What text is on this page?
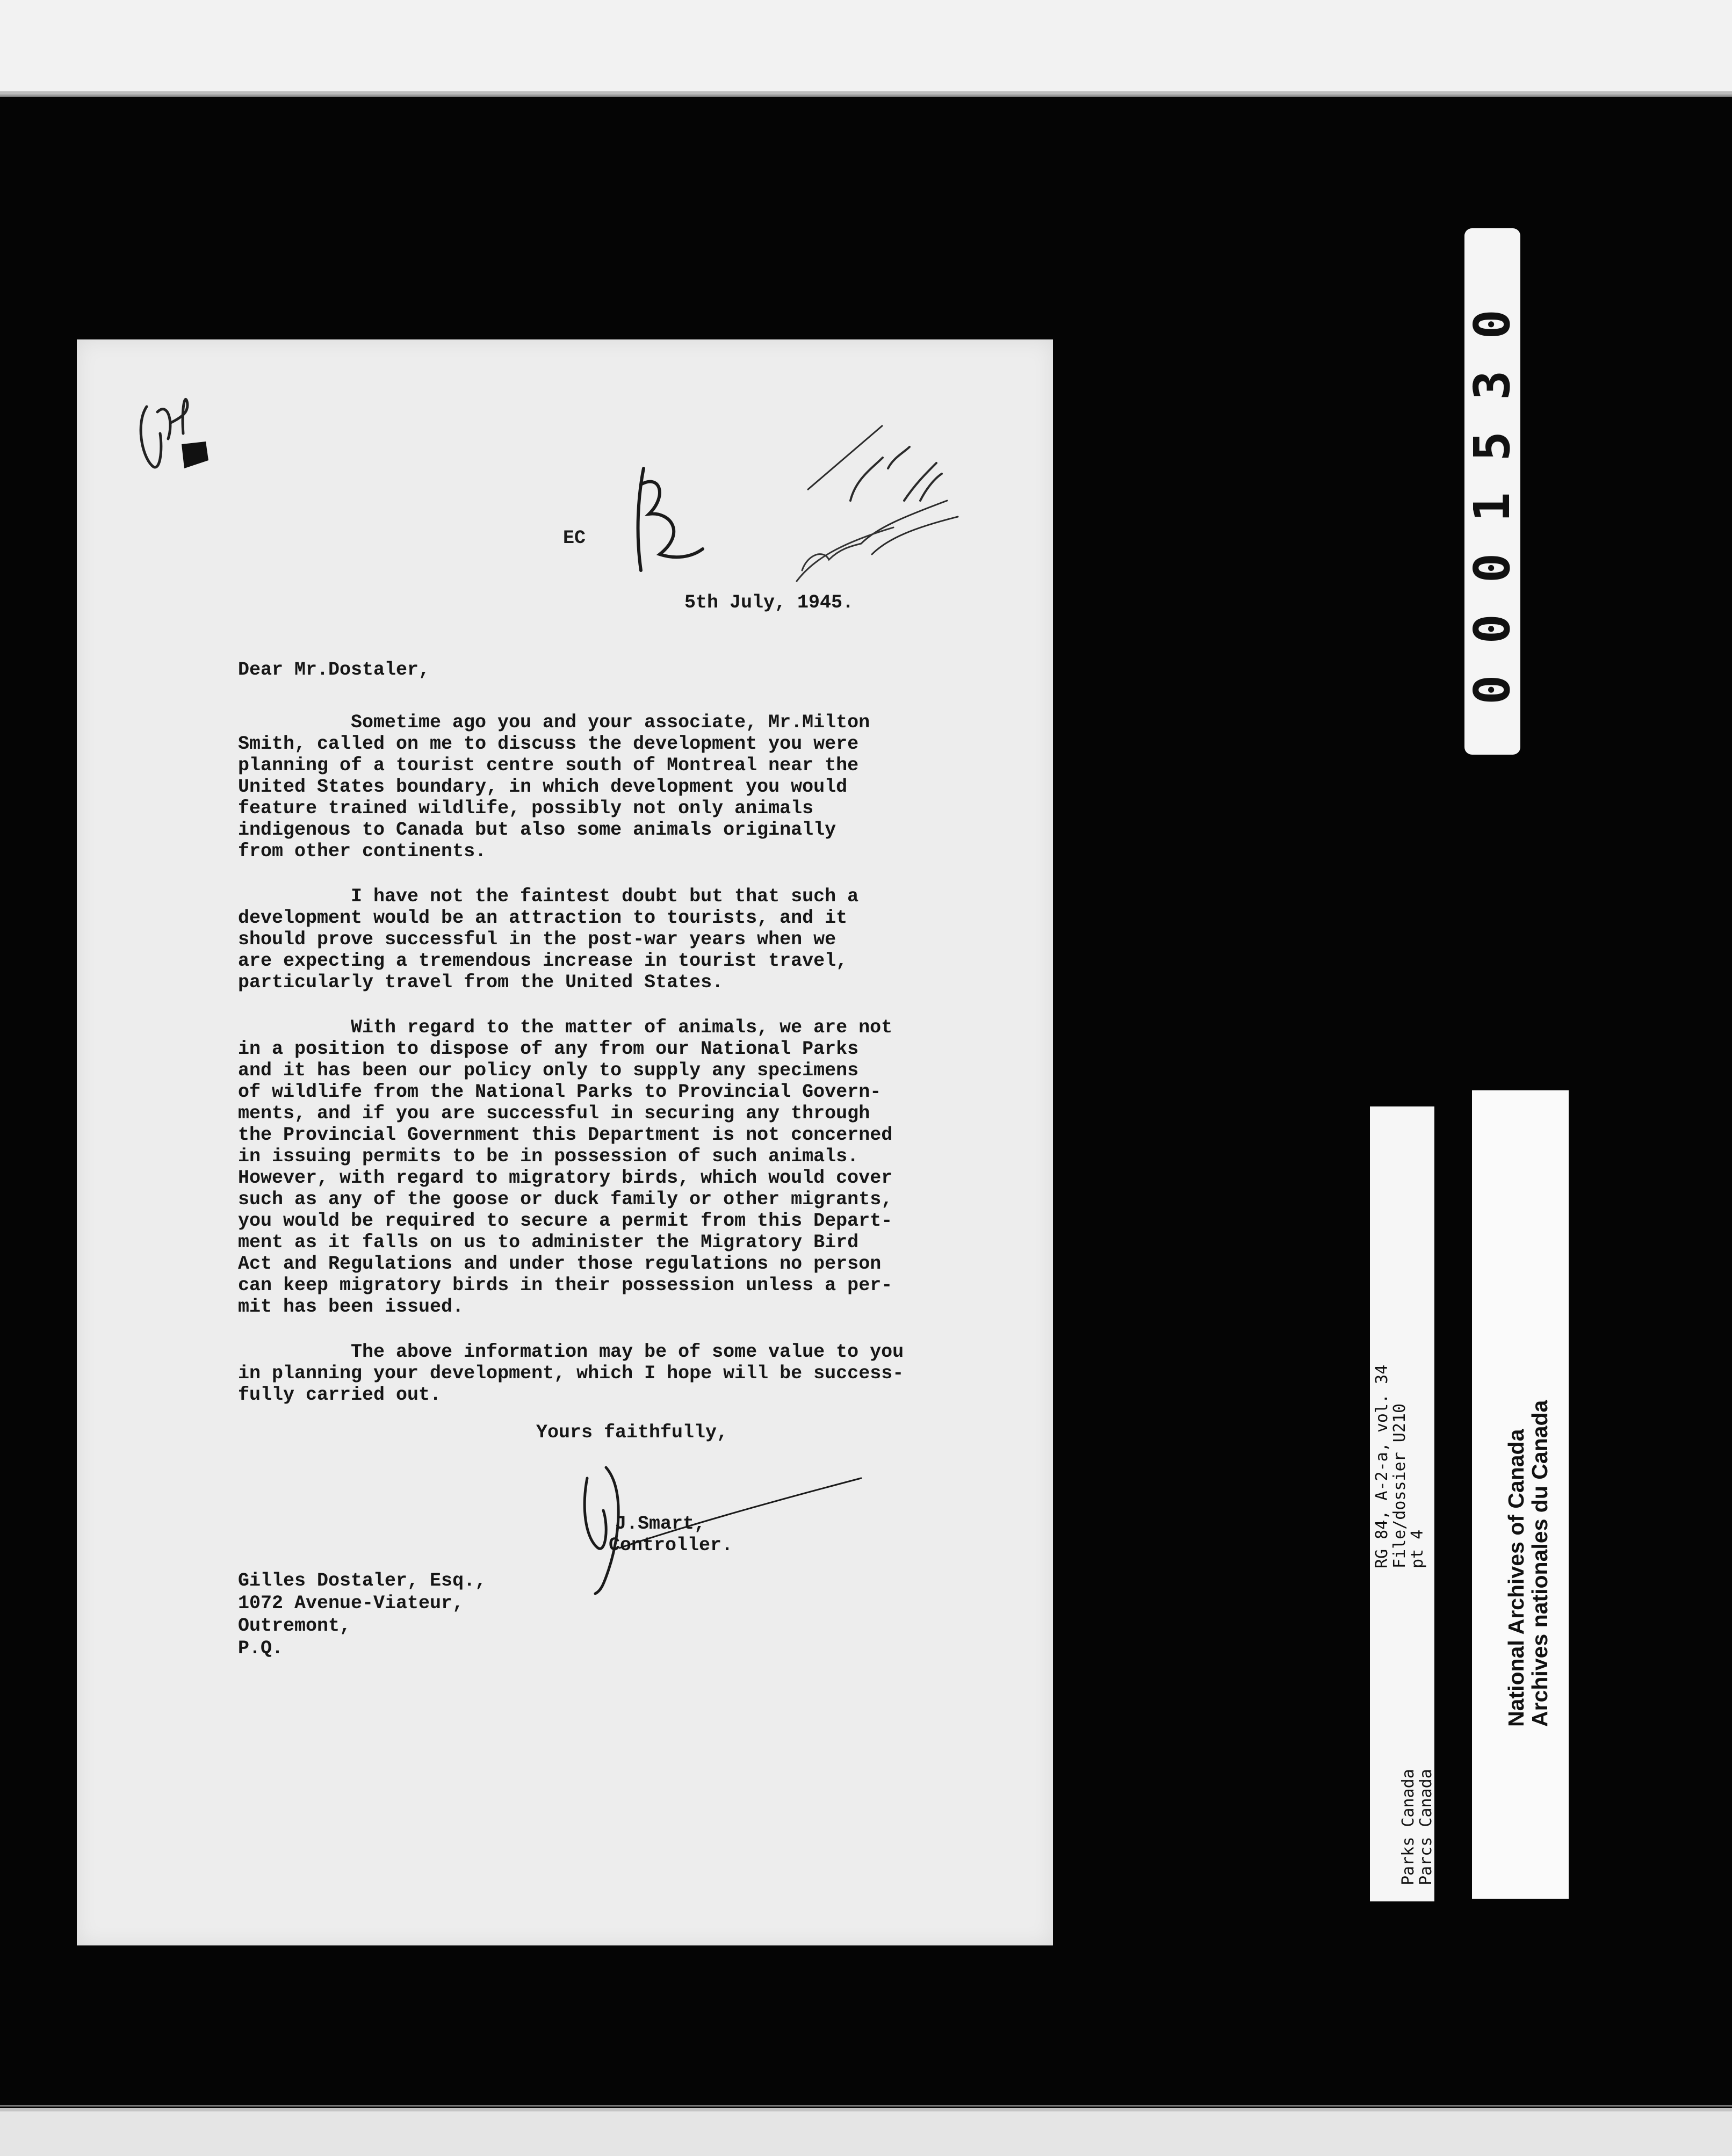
EC
5th July, 1945.
Dear Mr.Dostaler,
Sometime ago you and your associate, Mr.Milton
Smith, called on me to discuss the development you were
planning of a tourist centre south of Montreal near the
United States boundary, in which development you would
feature trained wildlife, possibly not only animals
indigenous to Canada but also some animals originally
from other continents.
I have not the faintest doubt but that such a
development would be an attraction to tourists, and it
should prove successful in the post-war years when we
are expecting a tremendous increase in tourist travel,
particularly travel from the United States.
With regard to the matter of animals, we are not
in a position to dispose of any from our National Parks
and it has been our policy only to supply any specimens
of wildlife from the National Parks to Provincial Govern-
ments, and if you are successful in securing any through
the Provincial Government this Department is not concerned
in issuing permits to be in possession of such animals.
However, with regard to migratory birds, which would cover
such as any of the goose or duck family or other migrants,
you would be required to secure a permit from this Depart-
ment as it falls on us to administer the Migratory Bird
Act and Regulations and under those regulations no person
can keep migratory birds in their possession unless a per-
mit has been issued.
The above information may be of some value to you
in planning your development, which I hope will be success-
fully carried out.
Yours faithfully,
J.Smart,
Controller.
Gilles Dostaler, Esq.,
1072 Avenue-Viateur,
Outremont,
P.Q.
0001530
RG 84, A-2-a, vol. 34
File/dossier U210
pt 4
Parks Canada
Parcs Canada
National Archives of Canada
Archives nationales du Canada
